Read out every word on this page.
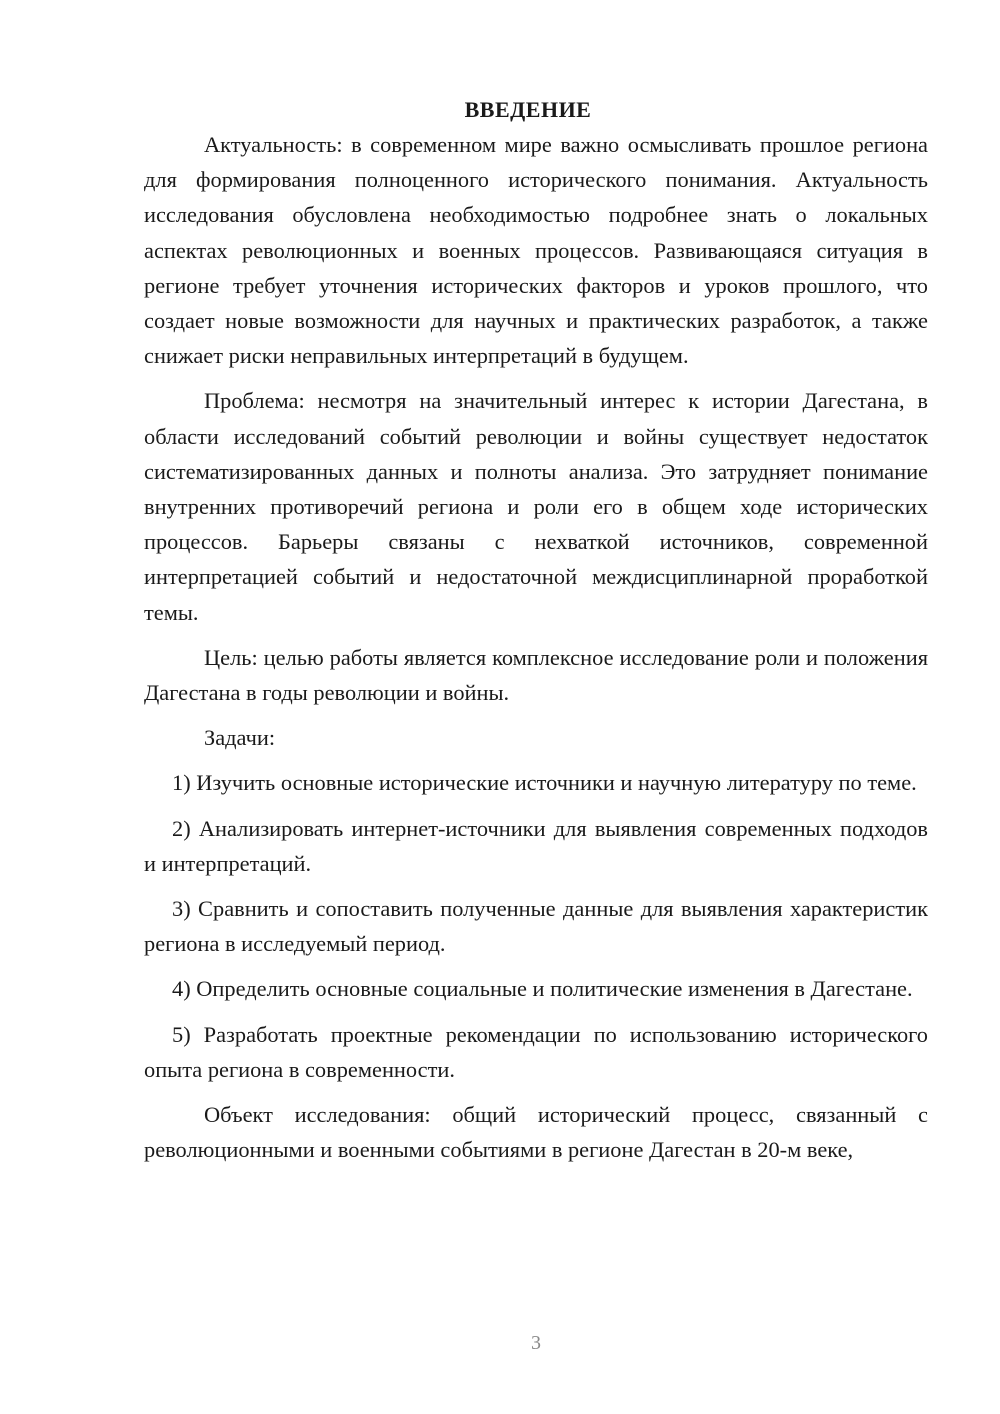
ВВЕДЕНИЕ

Актуальность: в современном мире важно осмысливать прошлое региона для формирования полноценного исторического понимания. Актуальность исследования обусловлена необходимостью подробнее знать о локальных аспектах революционных и военных процессов. Развивающаяся ситуация в регионе требует уточнения исторических факторов и уроков прошлого, что создает новые возможности для научных и практических разработок, а также снижает риски неправильных интерпретаций в будущем.

Проблема: несмотря на значительный интерес к истории Дагестана, в области исследований событий революции и войны существует недостаток систематизированных данных и полноты анализа. Это затрудняет понимание внутренних противоречий региона и роли его в общем ходе исторических процессов. Барьеры связаны с нехваткой источников, современной интерпретацией событий и недостаточной междисциплинарной проработкой темы.

Цель: целью работы является комплексное исследование роли и положения Дагестана в годы революции и войны.

Задачи:

1) Изучить основные исторические источники и научную литературу по теме.

2) Анализировать интернет-источники для выявления современных подходов и интерпретаций.

3) Сравнить и сопоставить полученные данные для выявления характеристик региона в исследуемый период.

4) Определить основные социальные и политические изменения в Дагестане.

5) Разработать проектные рекомендации по использованию исторического опыта региона в современности.

Объект исследования: общий исторический процесс, связанный с революционными и военными событиями в регионе Дагестан в 20-м веке,

3
